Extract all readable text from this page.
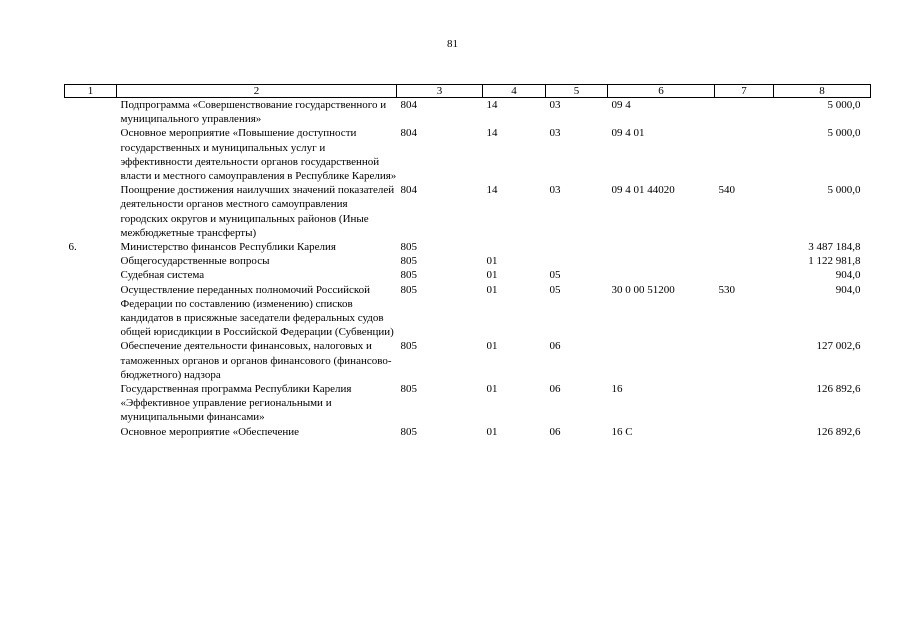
81
1	2	3	4	5	6	7	8
	Подпрограмма «Совершенствование государственного и муниципального управления»	804	14	03	09 4		5 000,0
	Основное мероприятие «Повышение доступности государственных и муниципальных услуг и эффективности деятельности органов государственной власти и местного самоуправления в Республике Карелия»	804	14	03	09 4 01		5 000,0
	Поощрение достижения наилучших значений показателей деятельности органов местного самоуправления городских округов и муниципальных районов (Иные межбюджетные трансферты)	804	14	03	09 4 01 44020	540	5 000,0
6.	Министерство финансов Республики Карелия	805					3 487 184,8
	Общегосударственные вопросы	805	01				1 122 981,8
	Судебная система	805	01	05			904,0
	Осуществление переданных полномочий Российской Федерации по составлению (изменению) списков кандидатов в присяжные заседатели федеральных судов общей юрисдикции в Российской Федерации (Субвенции)	805	01	05	30 0 00 51200	530	904,0
	Обеспечение деятельности финансовых, налоговых и таможенных органов и органов финансового (финансово-бюджетного) надзора	805	01	06			127 002,6
	Государственная программа Республики Карелия «Эффективное управление региональными и муниципальными финансами»	805	01	06	16		126 892,6
	Основное мероприятие «Обеспечение	805	01	06	16 С		126 892,6
